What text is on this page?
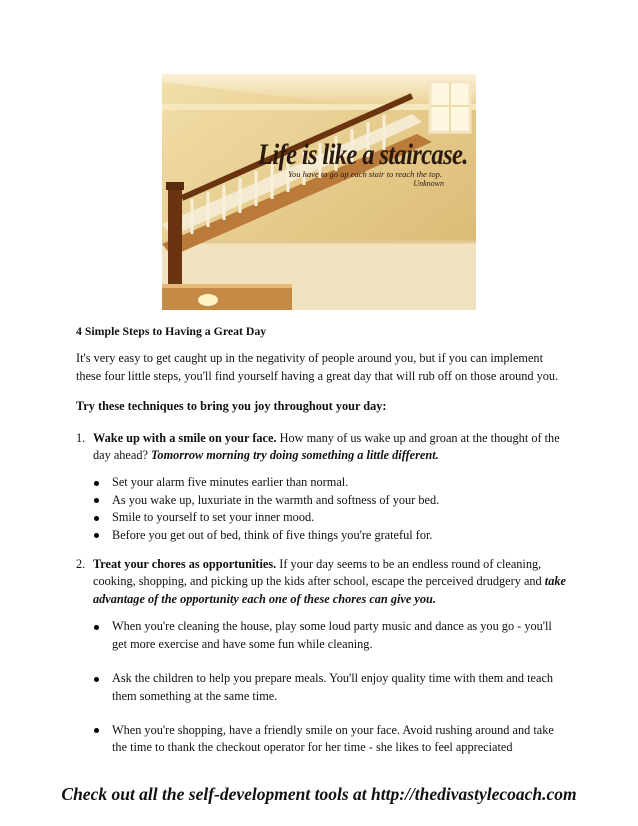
Life is like a staircase.
You have to go up each stair to reach the top.
Unknown
4 Simple Steps to Having a Great Day
It's very easy to get caught up in the negativity of people around you, but if you can implement these four little steps, you'll find yourself having a great day that will rub off on those around you.
Try these techniques to bring you joy throughout your day:
1. Wake up with a smile on your face. How many of us wake up and groan at the thought of the day ahead? Tomorrow morning try doing something a little different.
Set your alarm five minutes earlier than normal.
As you wake up, luxuriate in the warmth and softness of your bed.
Smile to yourself to set your inner mood.
Before you get out of bed, think of five things you're grateful for.
2. Treat your chores as opportunities. If your day seems to be an endless round of cleaning, cooking, shopping, and picking up the kids after school, escape the perceived drudgery and take advantage of the opportunity each one of these chores can give you.
When you're cleaning the house, play some loud party music and dance as you go - you'll get more exercise and have some fun while cleaning.
Ask the children to help you prepare meals. You'll enjoy quality time with them and teach them something at the same time.
When you're shopping, have a friendly smile on your face. Avoid rushing around and take the time to thank the checkout operator for her time - she likes to feel appreciated
Check out all the self-development tools at http://thedivastylecoach.com
